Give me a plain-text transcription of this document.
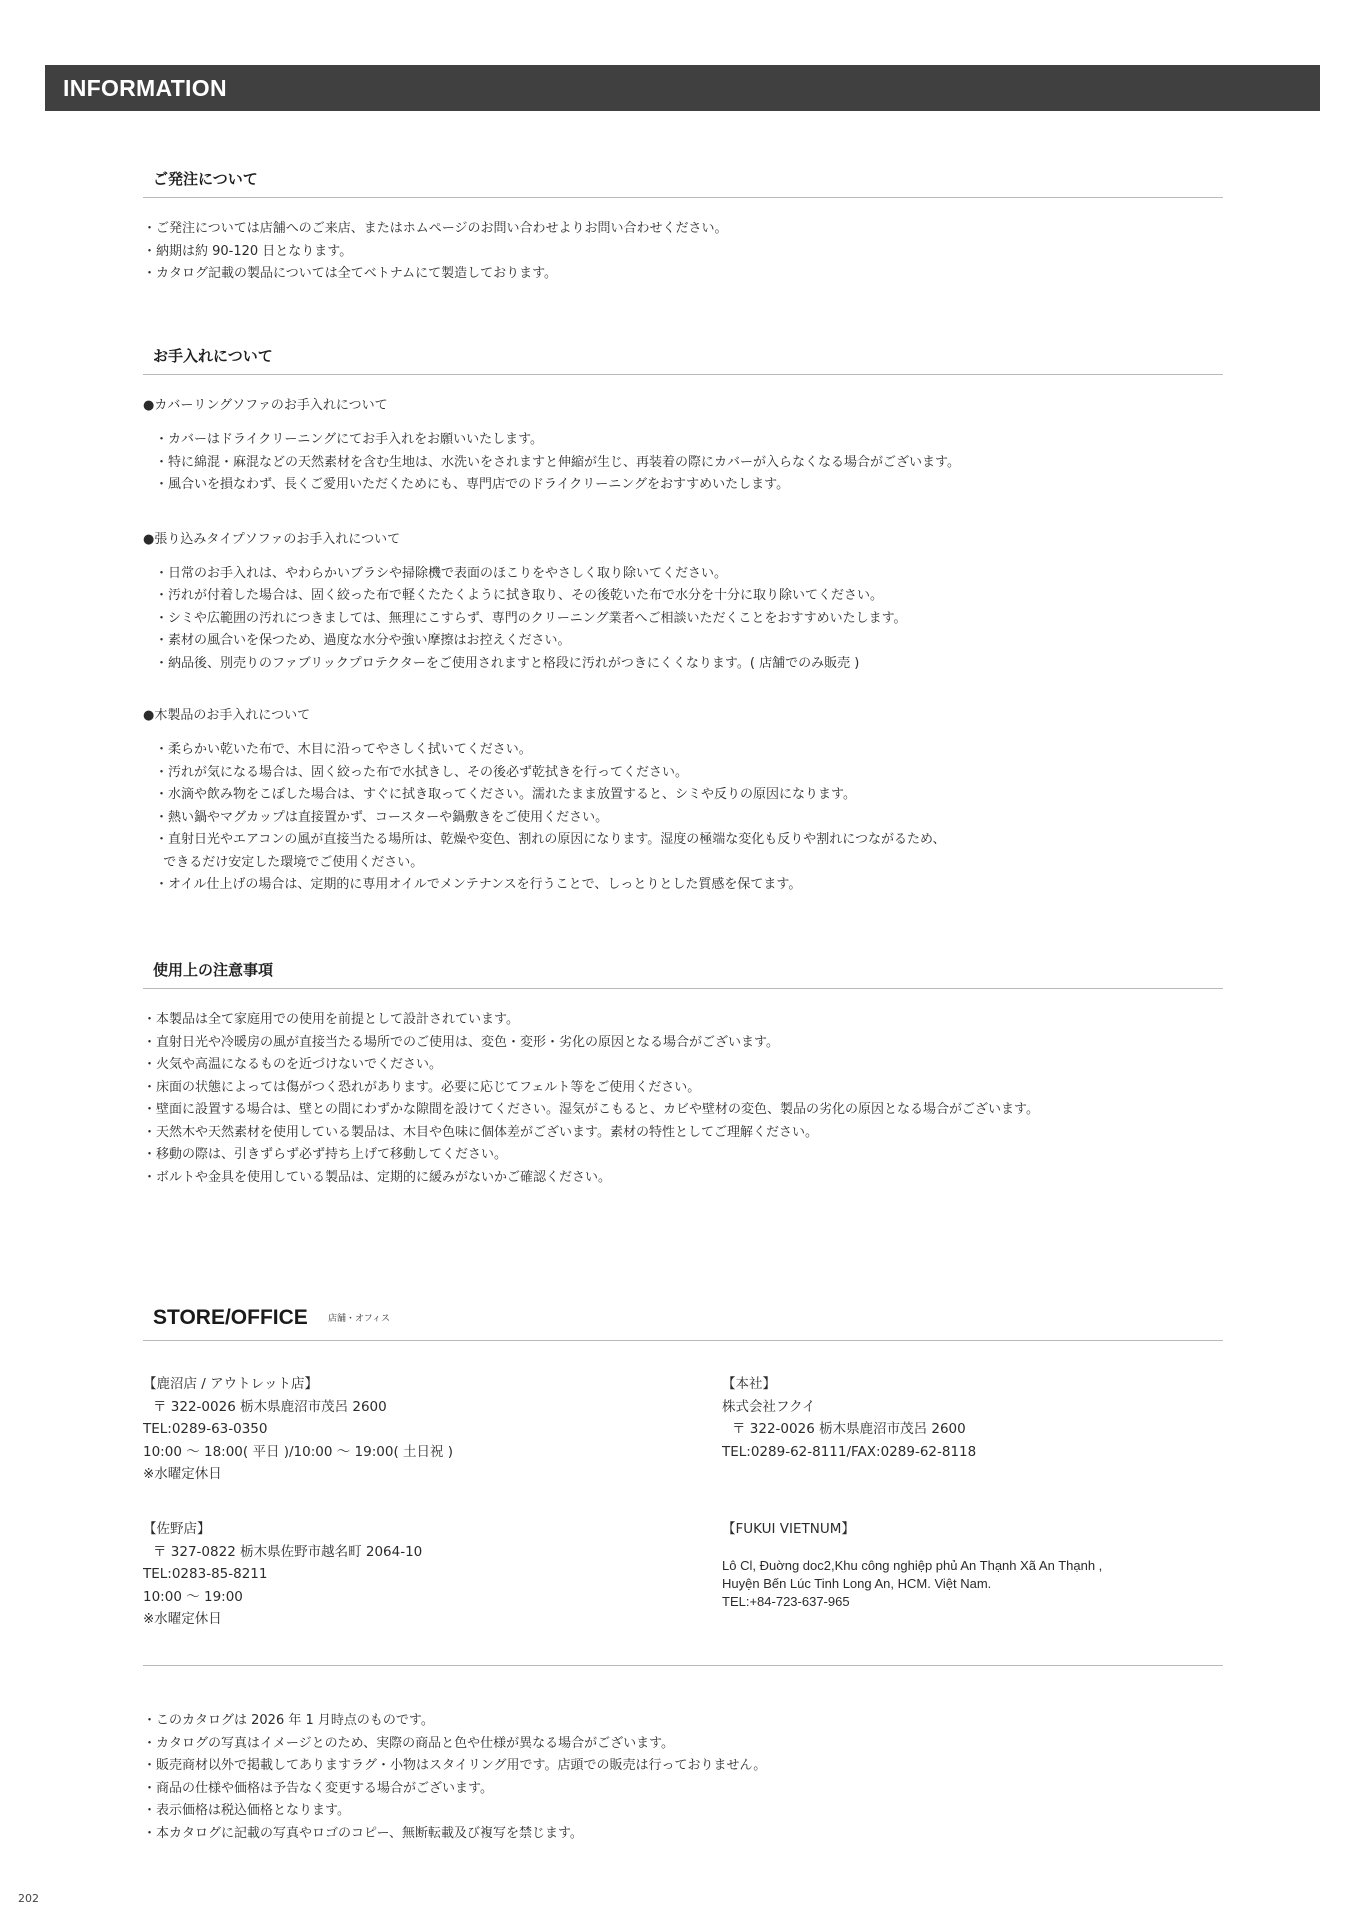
INFORMATION
ご発注について
・ご発注については店舗へのご来店、またはホムページのお問い合わせよりお問い合わせください。
・納期は約 90-120 日となります。
・カタログ記載の製品については全てベトナムにて製造しております。
お手入れについて
●カバーリングソファのお手入れについて
・カバーはドライクリーニングにてお手入れをお願いいたします。
・特に綿混・麻混などの天然素材を含む生地は、水洗いをされますと伸縮が生じ、再装着の際にカバーが入らなくなる場合がございます。
・風合いを損なわず、長くご愛用いただくためにも、専門店でのドライクリーニングをおすすめいたします。
●張り込みタイプソファのお手入れについて
・日常のお手入れは、やわらかいブラシや掃除機で表面のほこりをやさしく取り除いてください。
・汚れが付着した場合は、固く絞った布で軽くたたくように拭き取り、その後乾いた布で水分を十分に取り除いてください。
・シミや広範囲の汚れにつきましては、無理にこすらず、専門のクリーニング業者へご相談いただくことをおすすめいたします。
・素材の風合いを保つため、過度な水分や強い摩擦はお控えください。
・納品後、別売りのファブリックプロテクターをご使用されますと格段に汚れがつきにくくなります。( 店舗でのみ販売 )
●木製品のお手入れについて
・柔らかい乾いた布で、木目に沿ってやさしく拭いてください。
・汚れが気になる場合は、固く絞った布で水拭きし、その後必ず乾拭きを行ってください。
・水滴や飲み物をこぼした場合は、すぐに拭き取ってください。濡れたまま放置すると、シミや反りの原因になります。
・熱い鍋やマグカップは直接置かず、コースターや鍋敷きをご使用ください。
・直射日光やエアコンの風が直接当たる場所は、乾燥や変色、割れの原因になります。湿度の極端な変化も反りや割れにつながるため、
できるだけ安定した環境でご使用ください。
・オイル仕上げの場合は、定期的に専用オイルでメンテナンスを行うことで、しっとりとした質感を保てます。
使用上の注意事項
・本製品は全て家庭用での使用を前提として設計されています。
・直射日光や冷暖房の風が直接当たる場所でのご使用は、変色・変形・劣化の原因となる場合がございます。
・火気や高温になるものを近づけないでください。
・床面の状態によっては傷がつく恐れがあります。必要に応じてフェルト等をご使用ください。
・壁面に設置する場合は、壁との間にわずかな隙間を設けてください。湿気がこもると、カビや壁材の変色、製品の劣化の原因となる場合がございます。
・天然木や天然素材を使用している製品は、木目や色味に個体差がございます。素材の特性としてご理解ください。
・移動の際は、引きずらず必ず持ち上げて移動してください。
・ボルトや金具を使用している製品は、定期的に緩みがないかご確認ください。
STORE/OFFICE 店舗・オフィス
【鹿沼店 / アウトレット店】
〒 322-0026 栃木県鹿沼市茂呂 2600
TEL:0289-63-0350
10:00 〜 18:00( 平日 )/10:00 〜 19:00( 土日祝 )
※水曜定休日
【佐野店】
〒 327-0822 栃木県佐野市越名町 2064-10
TEL:0283-85-8211
10:00 〜 19:00
※水曜定休日
【本社】
株式会社フクイ
〒 322-0026 栃木県鹿沼市茂呂 2600
TEL:0289-62-8111/FAX:0289-62-8118
【FUKUI VIETNUM】
Lô Cl, Đuờng doc2,Khu công nghiệp phủ An Thạnh Xã An Thạnh ,
Huyện Bến Lúc Tinh Long An, HCM. Việt Nam.
TEL:+84-723-637-965
・このカタログは 2026 年 1 月時点のものです。
・カタログの写真はイメージとのため、実際の商品と色や仕様が異なる場合がございます。
・販売商材以外で掲載してありますラグ・小物はスタイリング用です。店頭での販売は行っておりません。
・商品の仕様や価格は予告なく変更する場合がございます。
・表示価格は税込価格となります。
・本カタログに記載の写真やロゴのコピー、無断転載及び複写を禁じます。
202
